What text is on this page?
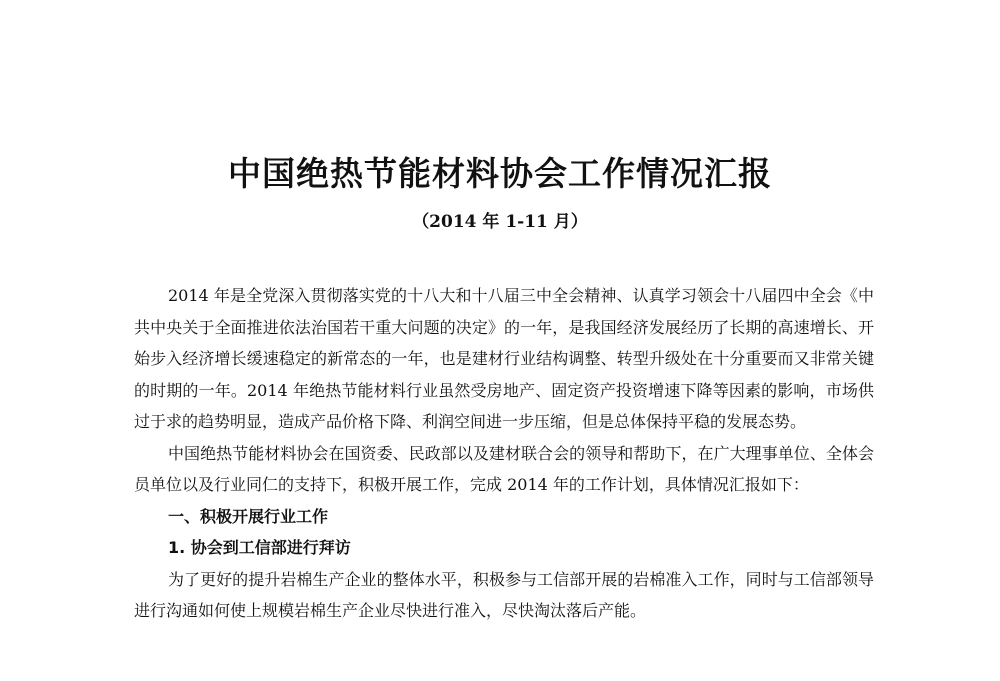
中国绝热节能材料协会工作情况汇报
（2014 年 1-11 月）

2014 年是全党深入贯彻落实党的十八大和十八届三中全会精神、认真学习领会十八届四中全会《中共中央关于全面推进依法治国若干重大问题的决定》的一年，是我国经济发展经历了长期的高速增长、开始步入经济增长缓速稳定的新常态的一年，也是建材行业结构调整、转型升级处在十分重要而又非常关键的时期的一年。2014 年绝热节能材料行业虽然受房地产、固定资产投资增速下降等因素的影响，市场供过于求的趋势明显，造成产品价格下降、利润空间进一步压缩，但是总体保持平稳的发展态势。

中国绝热节能材料协会在国资委、民政部以及建材联合会的领导和帮助下，在广大理事单位、全体会员单位以及行业同仁的支持下，积极开展工作，完成 2014 年的工作计划，具体情况汇报如下：

一、积极开展行业工作

1. 协会到工信部进行拜访

为了更好的提升岩棉生产企业的整体水平，积极参与工信部开展的岩棉准入工作，同时与工信部领导进行沟通如何使上规模岩棉生产企业尽快进行准入，尽快淘汰落后产能。
